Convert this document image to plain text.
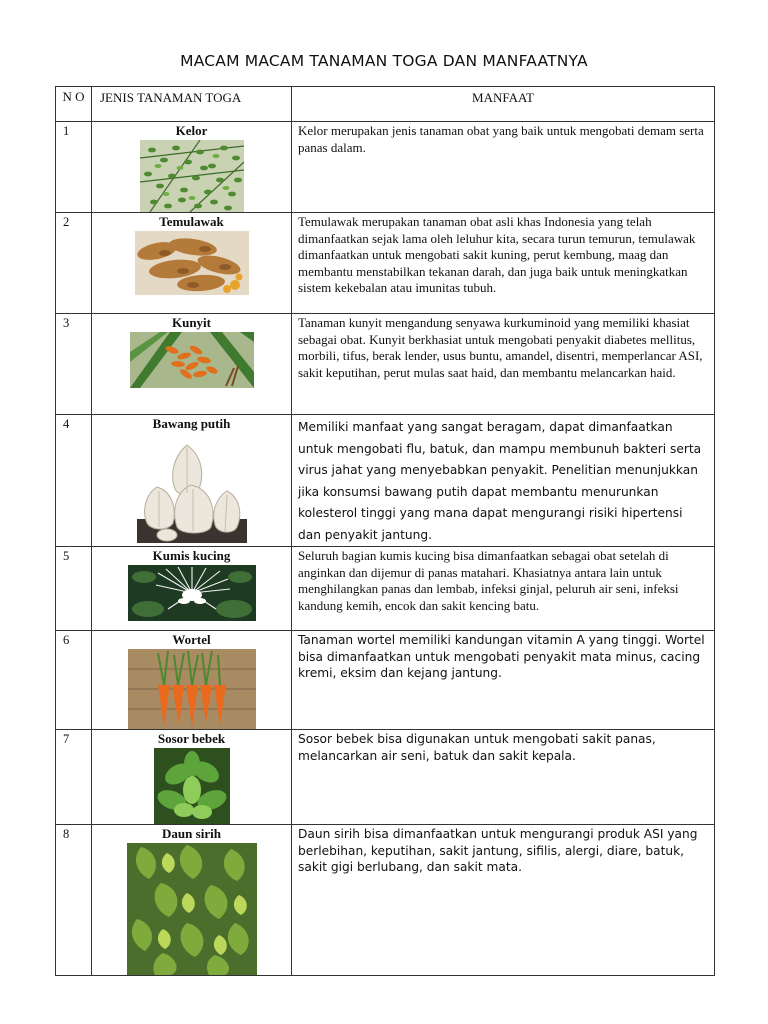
MACAM MACAM TANAMAN TOGA DAN MANFAATNYA
N O	JENIS TANAMAN TOGA	MANFAAT
1	Kelor	Kelor merupakan jenis tanaman obat yang baik untuk mengobati demam serta panas dalam.
2	Temulawak	Temulawak merupakan tanaman obat asli khas Indonesia yang telah dimanfaatkan sejak lama oleh leluhur kita, secara turun temurun, temulawak dimanfaatkan untuk mengobati sakit kuning, perut kembung, maag dan membantu menstabilkan tekanan darah, dan juga baik untuk meningkatkan sistem kekebalan atau imunitas tubuh.
3	Kunyit	Tanaman kunyit mengandung senyawa kurkuminoid yang memiliki khasiat sebagai obat. Kunyit berkhasiat untuk mengobati penyakit diabetes mellitus, morbili, tifus, berak lender, usus buntu, amandel, disentri, memperlancar ASI, sakit keputihan, perut mulas saat haid, dan membantu melancarkan haid.
4	Bawang putih	Memiliki manfaat yang sangat beragam, dapat dimanfaatkan untuk mengobati flu, batuk, dan mampu membunuh bakteri serta virus jahat yang menyebabkan penyakit. Penelitian menunjukkan jika konsumsi bawang putih dapat membantu menurunkan kolesterol tinggi yang mana dapat mengurangi risiki hipertensi dan penyakit jantung.
5	Kumis kucing	Seluruh bagian kumis kucing bisa dimanfaatkan sebagai obat setelah di anginkan dan dijemur di panas matahari. Khasiatnya antara lain untuk menghilangkan panas dan lembab, infeksi ginjal, peluruh air seni, infeksi kandung kemih, encok dan sakit kencing batu.
6	Wortel	Tanaman wortel memiliki kandungan vitamin A yang tinggi. Wortel bisa dimanfaatkan untuk mengobati penyakit mata minus, cacing kremi, eksim dan kejang jantung.
7	Sosor bebek	Sosor bebek bisa digunakan untuk mengobati sakit panas, melancarkan air seni, batuk dan sakit kepala.
8	Daun sirih	Daun sirih bisa dimanfaatkan untuk mengurangi produk ASI yang berlebihan, keputihan, sakit jantung, sifilis, alergi, diare, batuk, sakit gigi berlubang, dan sakit mata.
